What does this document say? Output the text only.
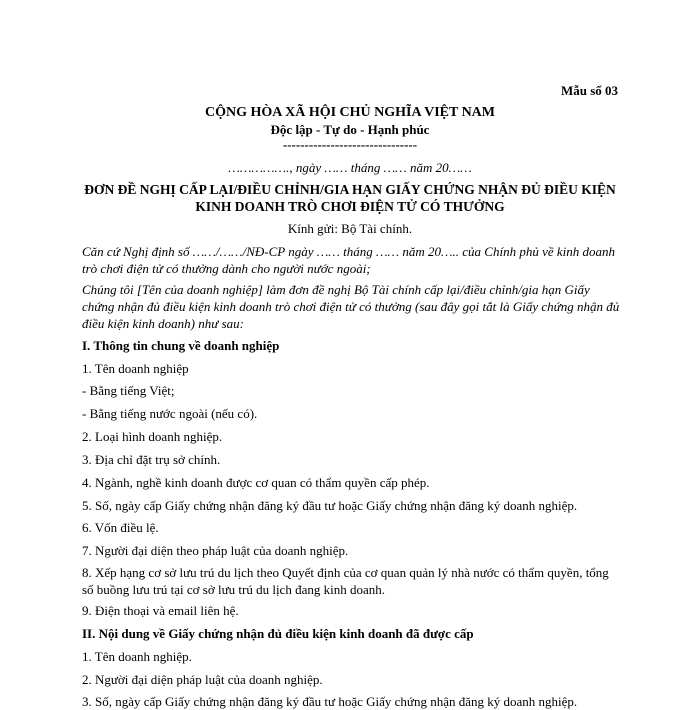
Mẫu số 03
CỘNG HÒA XÃ HỘI CHỦ NGHĨA VIỆT NAM
Độc lập - Tự do - Hạnh phúc
-------------------------------
……………., ngày …… tháng …… năm 20……
ĐƠN ĐỀ NGHỊ CẤP LẠI/ĐIỀU CHỈNH/GIA HẠN GIẤY CHỨNG NHẬN ĐỦ ĐIỀU KIỆN KINH DOANH TRÒ CHƠI ĐIỆN TỬ CÓ THƯỞNG
Kính gửi: Bộ Tài chính.
Căn cứ Nghị định số ……/……/NĐ-CP ngày …… tháng …… năm 20….. của Chính phủ về kinh doanh trò chơi điện tử có thưởng dành cho người nước ngoài;
Chúng tôi [Tên của doanh nghiệp] làm đơn đề nghị Bộ Tài chính cấp lại/điều chỉnh/gia hạn Giấy chứng nhận đủ điều kiện kinh doanh trò chơi điện tử có thưởng (sau đây gọi tắt là Giấy chứng nhận đủ điều kiện kinh doanh) như sau:
I. Thông tin chung về doanh nghiệp
1. Tên doanh nghiệp
- Bằng tiếng Việt;
- Bằng tiếng nước ngoài (nếu có).
2. Loại hình doanh nghiệp.
3. Địa chỉ đặt trụ sở chính.
4. Ngành, nghề kinh doanh được cơ quan có thẩm quyền cấp phép.
5. Số, ngày cấp Giấy chứng nhận đăng ký đầu tư hoặc Giấy chứng nhận đăng ký doanh nghiệp.
6. Vốn điều lệ.
7. Người đại diện theo pháp luật của doanh nghiệp.
8. Xếp hạng cơ sở lưu trú du lịch theo Quyết định của cơ quan quản lý nhà nước có thẩm quyền, tổng số buồng lưu trú tại cơ sở lưu trú du lịch đang kinh doanh.
9. Điện thoại và email liên hệ.
II. Nội dung về Giấy chứng nhận đủ điều kiện kinh doanh đã được cấp
1. Tên doanh nghiệp.
2. Người đại diện pháp luật của doanh nghiệp.
3. Số, ngày cấp Giấy chứng nhận đăng ký đầu tư hoặc Giấy chứng nhận đăng ký doanh nghiệp.
